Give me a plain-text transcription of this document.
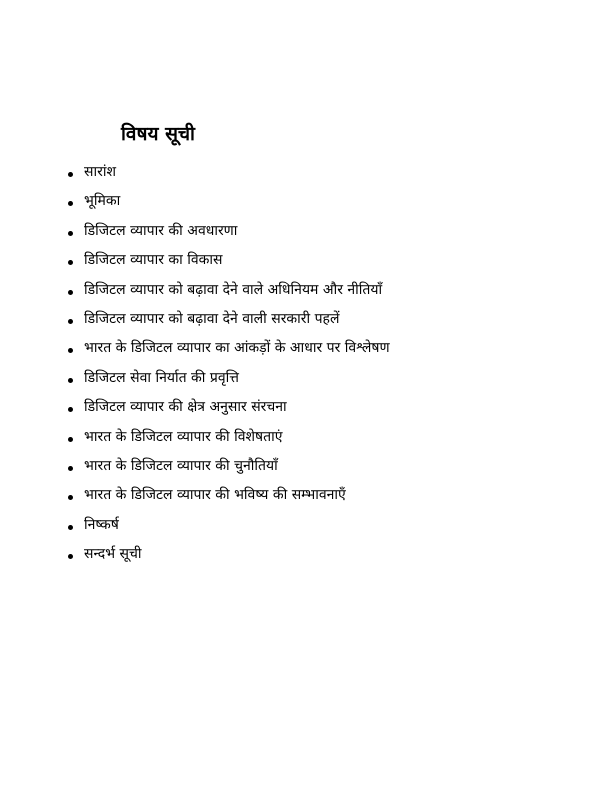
विषय सूची
सारांश
भूमिका
डिजिटल व्यापार की अवधारणा
डिजिटल व्यापार का विकास
डिजिटल व्यापार को बढ़ावा देने वाले अधिनियम और नीतियाँ
डिजिटल व्यापार को बढ़ावा देने वाली सरकारी पहलें
भारत के डिजिटल व्यापार का आंकड़ों के आधार पर विश्लेषण
डिजिटल सेवा निर्यात की प्रवृत्ति
डिजिटल व्यापार की क्षेत्र अनुसार संरचना
भारत के डिजिटल व्यापार की विशेषताएं
भारत के डिजिटल व्यापार की चुनौतियाँ
भारत के डिजिटल व्यापार की भविष्य की सम्भावनाएँ
निष्कर्ष
सन्दर्भ सूची
